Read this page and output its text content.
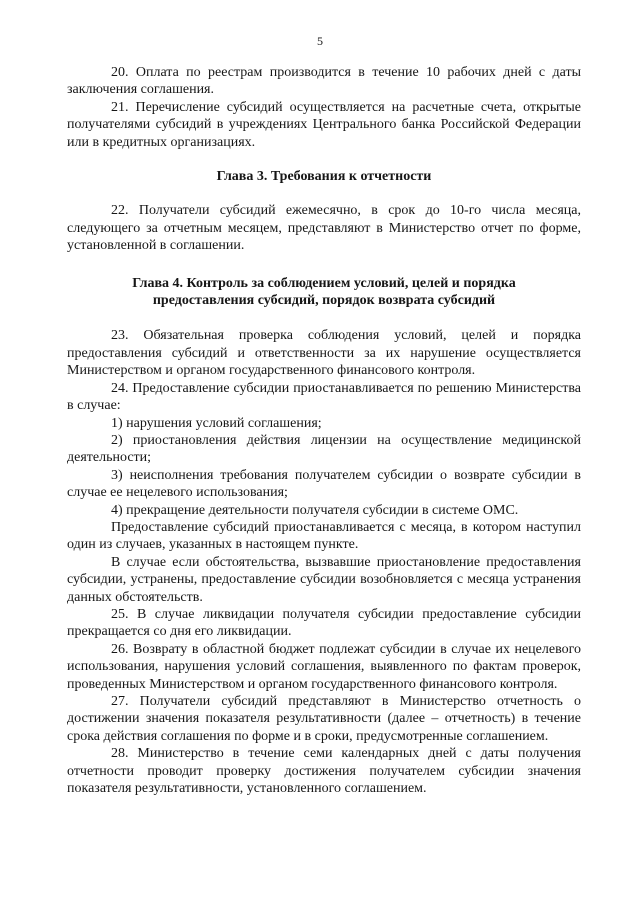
5

20. Оплата по реестрам производится в течение 10 рабочих дней с даты заключения соглашения.

21. Перечисление субсидий осуществляется на расчетные счета, открытые получателями субсидий в учреждениях Центрального банка Российской Федерации или в кредитных организациях.

Глава 3. Требования к отчетности

22. Получатели субсидий ежемесячно, в срок до 10-го числа месяца, следующего за отчетным месяцем, представляют в Министерство отчет по форме, установленной в соглашении.

Глава 4. Контроль за соблюдением условий, целей и порядка
предоставления субсидий, порядок возврата субсидий

23. Обязательная проверка соблюдения условий, целей и порядка предоставления субсидий и ответственности за их нарушение осуществляется Министерством и органом государственного финансового контроля.

24. Предоставление субсидии приостанавливается по решению Министерства в случае:

1) нарушения условий соглашения;

2) приостановления действия лицензии на осуществление медицинской деятельности;

3) неисполнения требования получателем субсидии о возврате субсидии в случае ее нецелевого использования;

4) прекращение деятельности получателя субсидии в системе ОМС.

Предоставление субсидий приостанавливается с месяца, в котором наступил один из случаев, указанных в настоящем пункте.

В случае если обстоятельства, вызвавшие приостановление предоставления субсидии, устранены, предоставление субсидии возобновляется с месяца устранения данных обстоятельств.

25. В случае ликвидации получателя субсидии предоставление субсидии прекращается со дня его ликвидации.

26. Возврату в областной бюджет подлежат субсидии в случае их нецелевого использования, нарушения условий соглашения, выявленного по фактам проверок, проведенных Министерством и органом государственного финансового контроля.

27. Получатели субсидий представляют в Министерство отчетность о достижении значения показателя результативности (далее – отчетность) в течение срока действия соглашения по форме и в сроки, предусмотренные соглашением.

28. Министерство в течение семи календарных дней с даты получения отчетности проводит проверку достижения получателем субсидии значения показателя результативности, установленного соглашением.
